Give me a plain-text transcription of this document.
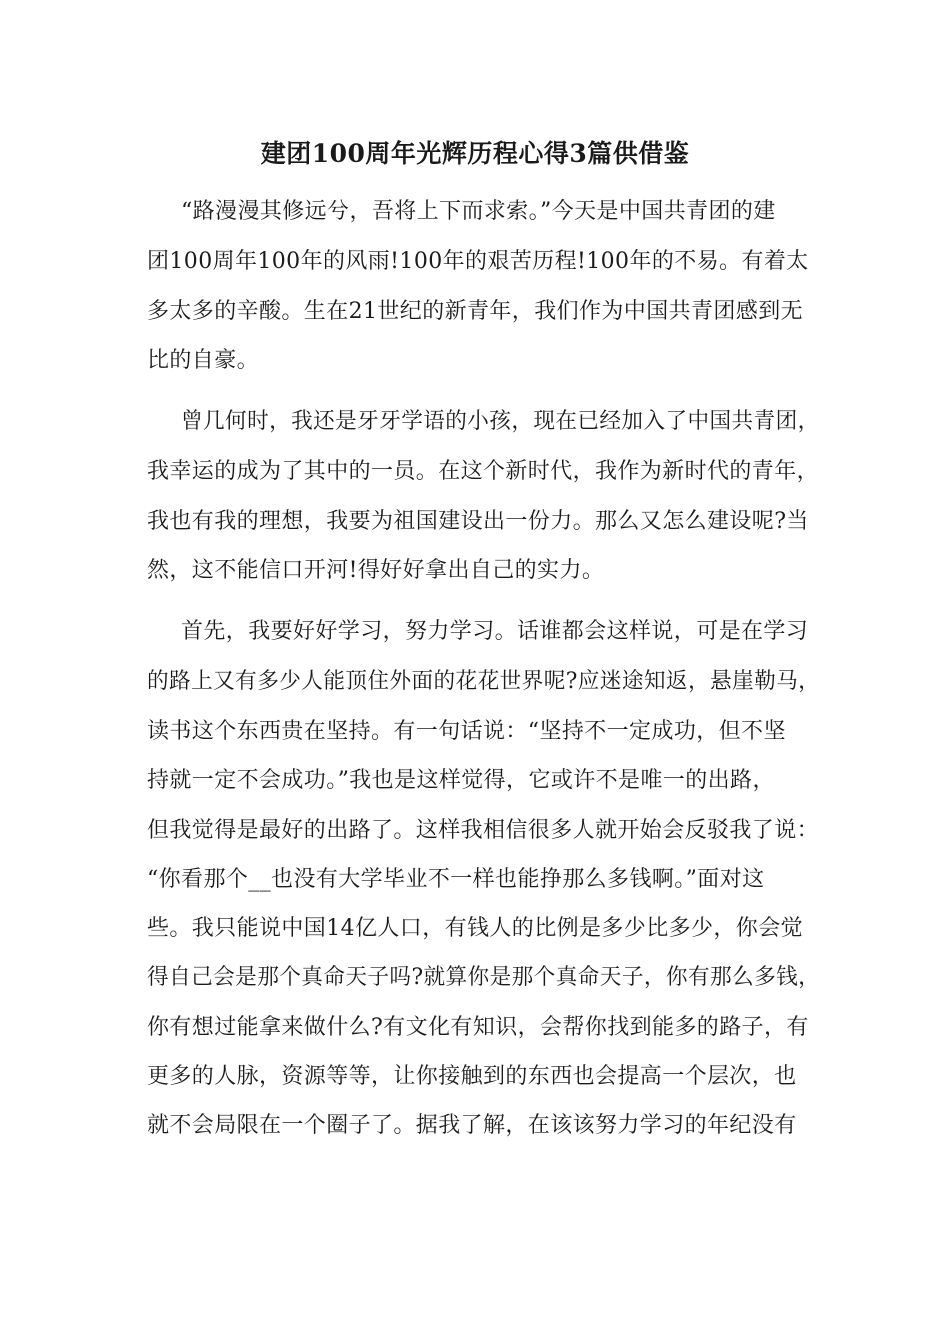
建团100周年光辉历程心得3篇供借鉴
“路漫漫其修远兮，吾将上下而求索。”今天是中国共青团的建
团100周年100年的风雨!100年的艰苦历程!100年的不易。有着太
多太多的辛酸。生在21世纪的新青年，我们作为中国共青团感到无
比的自豪。
曾几何时，我还是牙牙学语的小孩，现在已经加入了中国共青团，
我幸运的成为了其中的一员。在这个新时代，我作为新时代的青年，
我也有我的理想，我要为祖国建设出一份力。那么又怎么建设呢?当
然，这不能信口开河!得好好拿出自己的实力。
首先，我要好好学习，努力学习。话谁都会这样说，可是在学习
的路上又有多少人能顶住外面的花花世界呢?应迷途知返，悬崖勒马，
读书这个东西贵在坚持。有一句话说：“坚持不一定成功，但不坚
持就一定不会成功。”我也是这样觉得，它或许不是唯一的出路，
但我觉得是最好的出路了。这样我相信很多人就开始会反驳我了说：
“你看那个__也没有大学毕业不一样也能挣那么多钱啊。”面对这
些。我只能说中国14亿人口，有钱人的比例是多少比多少，你会觉
得自己会是那个真命天子吗?就算你是那个真命天子，你有那么多钱，
你有想过能拿来做什么?有文化有知识，会帮你找到能多的路子，有
更多的人脉，资源等等，让你接触到的东西也会提高一个层次，也
就不会局限在一个圈子了。据我了解，在该该努力学习的年纪没有
